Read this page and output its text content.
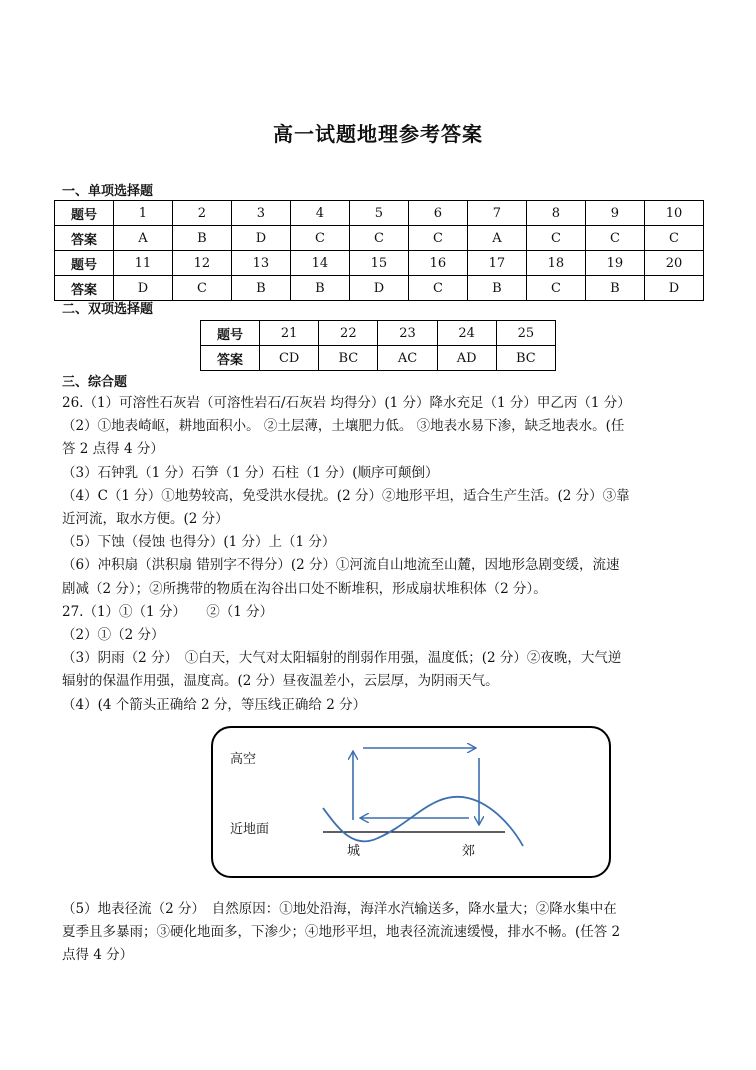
高一试题地理参考答案
一、单项选择题
题号	1	2	3	4	5	6	7	8	9	10
答案	A	B	D	C	C	C	A	C	C	C
题号	11	12	13	14	15	16	17	18	19	20
答案	D	C	B	B	D	C	B	C	B	D
二、双项选择题
题号	21	22	23	24	25
答案	CD	BC	AC	AD	BC
三、综合题

26.（1）可溶性石灰岩（可溶性岩石/石灰岩 均得分）(1 分）降水充足（1 分）甲乙丙（1 分）

（2）①地表崎岖，耕地面积小。 ②土层薄，土壤肥力低。 ③地表水易下渗，缺乏地表水。(任

答 2 点得 4 分）

（3）石钟乳（1 分）石笋（1 分）石柱（1 分）(顺序可颠倒）

（4）C（1 分）①地势较高，免受洪水侵扰。(2 分）②地形平坦，适合生产生活。(2 分）③靠

近河流，取水方便。(2 分）

（5）下蚀（侵蚀 也得分）(1 分）上（1 分）

（6）冲积扇（洪积扇 错别字不得分）(2 分）①河流自山地流至山麓，因地形急剧变缓，流速

剧减（2 分）；②所携带的物质在沟谷出口处不断堆积，形成扇状堆积体（2 分）。

27.（1）①（1 分）　　②（1 分）

（2）①（2 分）

（3）阴雨（2 分）　①白天，大气对太阳辐射的削弱作用强，温度低；(2 分）②夜晚，大气逆

辐射的保温作用强，温度高。(2 分）昼夜温差小，云层厚，为阴雨天气。

（4）(4 个箭头正确给 2 分，等压线正确给 2 分）

高空
近地面
城	郊

（5）地表径流（2 分）　自然原因：①地处沿海，海洋水汽输送多，降水量大；②降水集中在

夏季且多暴雨；③硬化地面多，下渗少；④地形平坦，地表径流流速缓慢，排水不畅。(任答 2

点得 4 分）
